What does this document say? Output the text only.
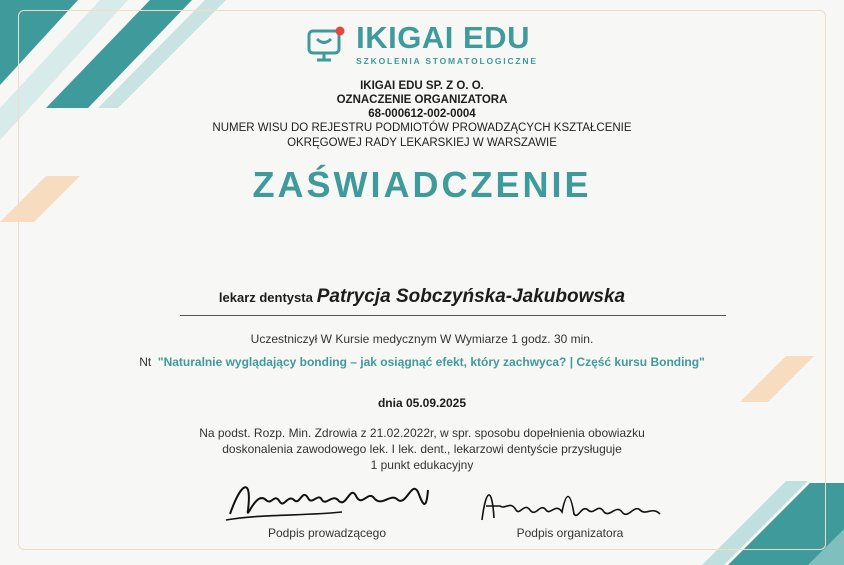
IKIGAI EDU
SZKOLENIA STOMATOLOGICZNE
IKIGAI EDU SP. Z O. O.
OZNACZENIE ORGANIZATORA
68-000612-002-0004
NUMER WISU DO REJESTRU PODMIOTÓW PROWADZĄCYCH KSZTAŁCENIE
OKRĘGOWEJ RADY LEKARSKIEJ W WARSZAWIE
ZAŚWIADCZENIE
lekarz dentysta Patrycja Sobczyńska-Jakubowska
Uczestniczył W Kursie medycznym W Wymiarze 1 godz. 30 min.
Nt "Naturalnie wyglądający bonding – jak osiągnąć efekt, który zachwyca? | Część kursu Bonding"
dnia 05.09.2025
Na podst. Rozp. Min. Zdrowia z 21.02.2022r, w spr. sposobu dopełnienia obowiazku
doskonalenia zawodowego lek. I lek. dent., lekarzowi dentyście przysługuje
1 punkt edukacyjny
Podpis prowadzącego	Podpis organizatora
